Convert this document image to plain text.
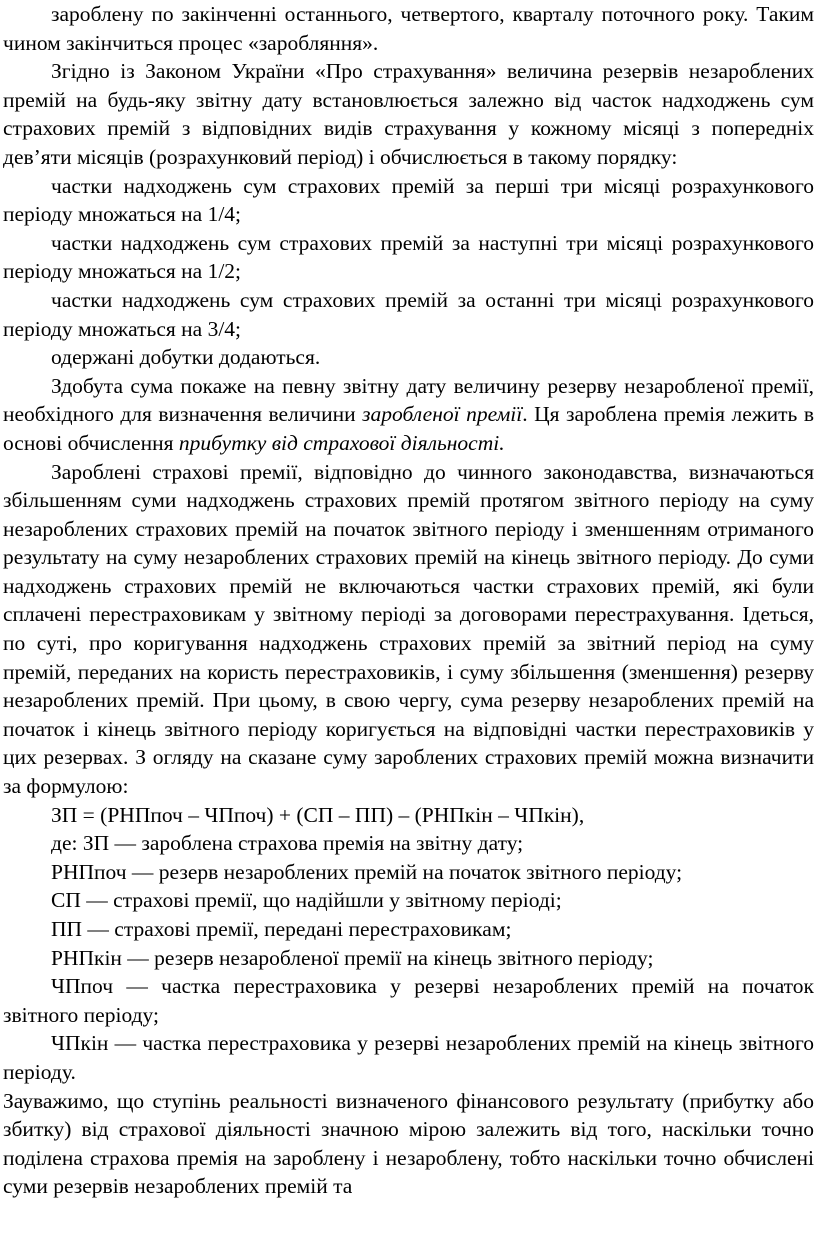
заробленy по закінченні останнього, четвертого, кварталу поточного року. Таким чином закінчиться процес «заробляння».

Згідно із Законом України «Про страхування» величина резервів незароблених премій на будь-яку звітну дату встановлюється залежно від часток надходжень сум страхових премій з відповідних видів страхування у кожному місяці з попередніх дев’яти місяців (розрахунковий період) і обчислюється в такому порядку:

частки надходжень сум страхових премій за перші три місяці розрахункового періоду множаться на 1/4;

частки надходжень сум страхових премій за наступні три місяці розрахункового періоду множаться на 1/2;

частки надходжень сум страхових премій за останні три місяці розрахункового періоду множаться на 3/4;

одержані добутки додаються.

Здобута сума покаже на певну звітну дату величину резерву незаробленої премії, необхідного для визначення величини заробленої премії. Ця зароблена премія лежить в основі обчислення прибутку від страхової діяльності.

Зароблені страхові премії, відповідно до чинного законодавства, визначаються збільшенням суми надходжень страхових премій протягом звітного періоду на суму незароблених страхових премій на початок звітного періоду і зменшенням отриманого результату на суму незароблених страхових премій на кінець звітного періоду. До суми надходжень страхових премій не включаються частки страхових премій, які були сплачені перестраховикам у звітному періоді за договорами перестрахування. Ідеться, по суті, про коригування надходжень страхових премій за звітний період на суму премій, переданих на користь перестраховиків, і суму збільшення (зменшення) резерву незароблених премій. При цьому, в свою чергу, сума резерву незароблених премій на початок і кінець звітного періоду коригується на відповідні частки перестраховиків у цих резервах. З огляду на сказане суму зароблених страхових премій можна визначити за формулою:

ЗП = (РНПпоч – ЧПпоч) + (СП – ПП) – (РНПкін – ЧПкін),

де: ЗП — зароблена страхова премія на звітну дату;

РНПпоч — резерв незароблених премій на початок звітного періоду;

СП — страхові премії, що надійшли у звітному періоді;

ПП — страхові премії, передані перестраховикам;

РНПкін — резерв незаробленої премії на кінець звітного періоду;

ЧПпоч — частка перестраховика у резерві незароблених премій на початок звітного періоду;

ЧПкін — частка перестраховика у резерві незароблених премій на кінець звітного періоду.

Зауважимо, що ступінь реальності визначеного фінансового результату (прибутку або збитку) від страхової діяльності значною мірою залежить від того, наскільки точно поділена страхова премія на зароблену і незароблену, тобто наскільки точно обчислені суми резервів незароблених премій та
